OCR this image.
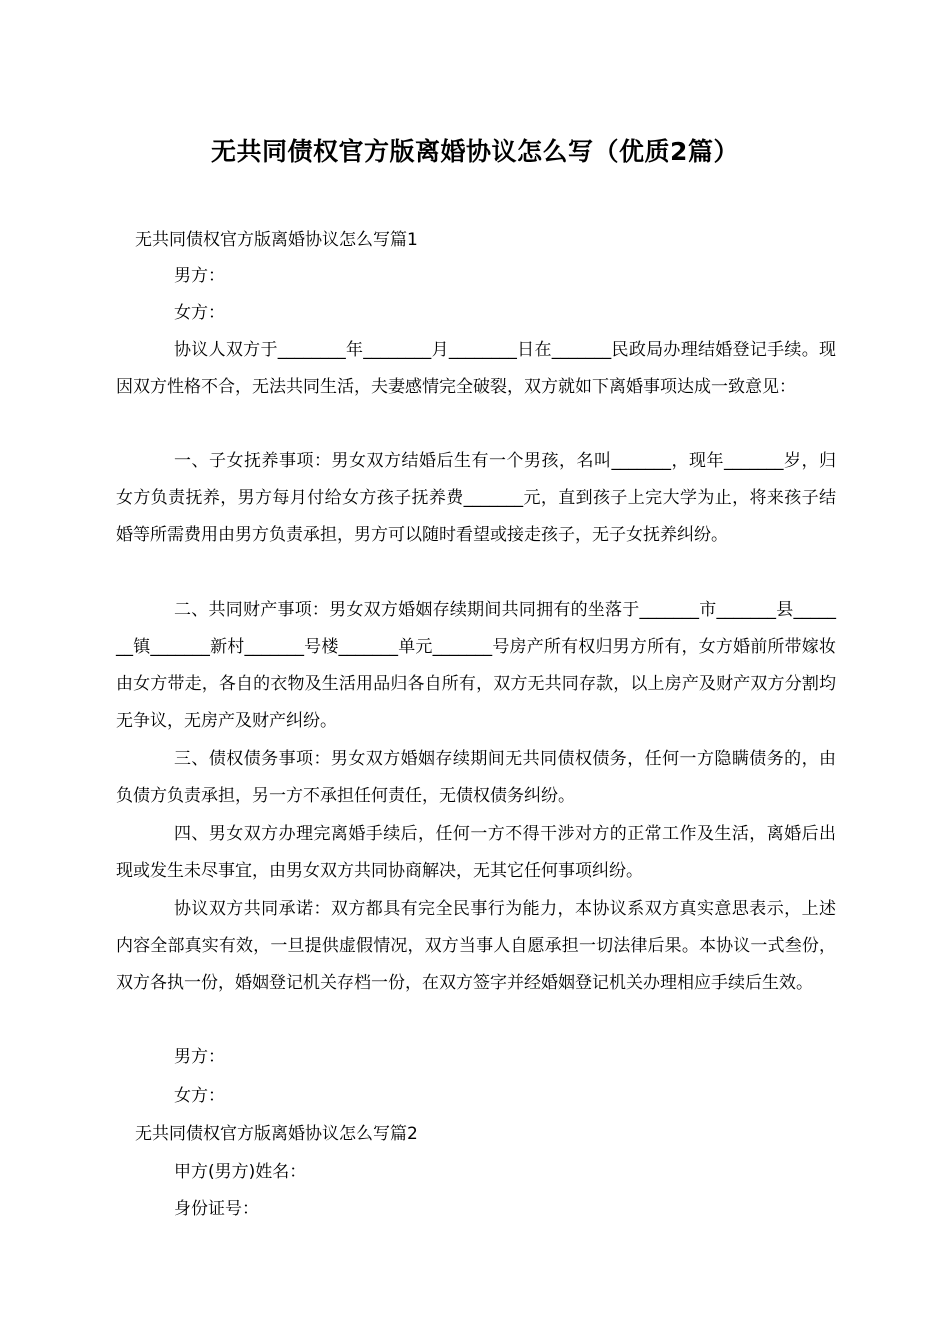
无共同债权官方版离婚协议怎么写（优质2篇）
无共同债权官方版离婚协议怎么写篇1
男方：
女方：
协议人双方于________年________月________日在_______民政局办理结婚登记手续。现因双方性格不合，无法共同生活，夫妻感情完全破裂，双方就如下离婚事项达成一致意见：
一、子女抚养事项：男女双方结婚后生有一个男孩，名叫_______，现年_______岁，归女方负责抚养，男方每月付给女方孩子抚养费_______元，直到孩子上完大学为止，将来孩子结婚等所需费用由男方负责承担，男方可以随时看望或接走孩子，无子女抚养纠纷。
二、共同财产事项：男女双方婚姻存续期间共同拥有的坐落于_______市_______县_______镇_______新村_______号楼_______单元_______号房产所有权归男方所有，女方婚前所带嫁妆由女方带走，各自的衣物及生活用品归各自所有，双方无共同存款，以上房产及财产双方分割均无争议，无房产及财产纠纷。
三、债权债务事项：男女双方婚姻存续期间无共同债权债务，任何一方隐瞒债务的，由负债方负责承担，另一方不承担任何责任，无债权债务纠纷。
四、男女双方办理完离婚手续后，任何一方不得干涉对方的正常工作及生活，离婚后出现或发生未尽事宜，由男女双方共同协商解决，无其它任何事项纠纷。
协议双方共同承诺：双方都具有完全民事行为能力，本协议系双方真实意思表示，上述内容全部真实有效，一旦提供虚假情况，双方当事人自愿承担一切法律后果。本协议一式叁份，双方各执一份，婚姻登记机关存档一份，在双方签字并经婚姻登记机关办理相应手续后生效。
男方：
女方：
无共同债权官方版离婚协议怎么写篇2
甲方(男方)姓名：
身份证号：
